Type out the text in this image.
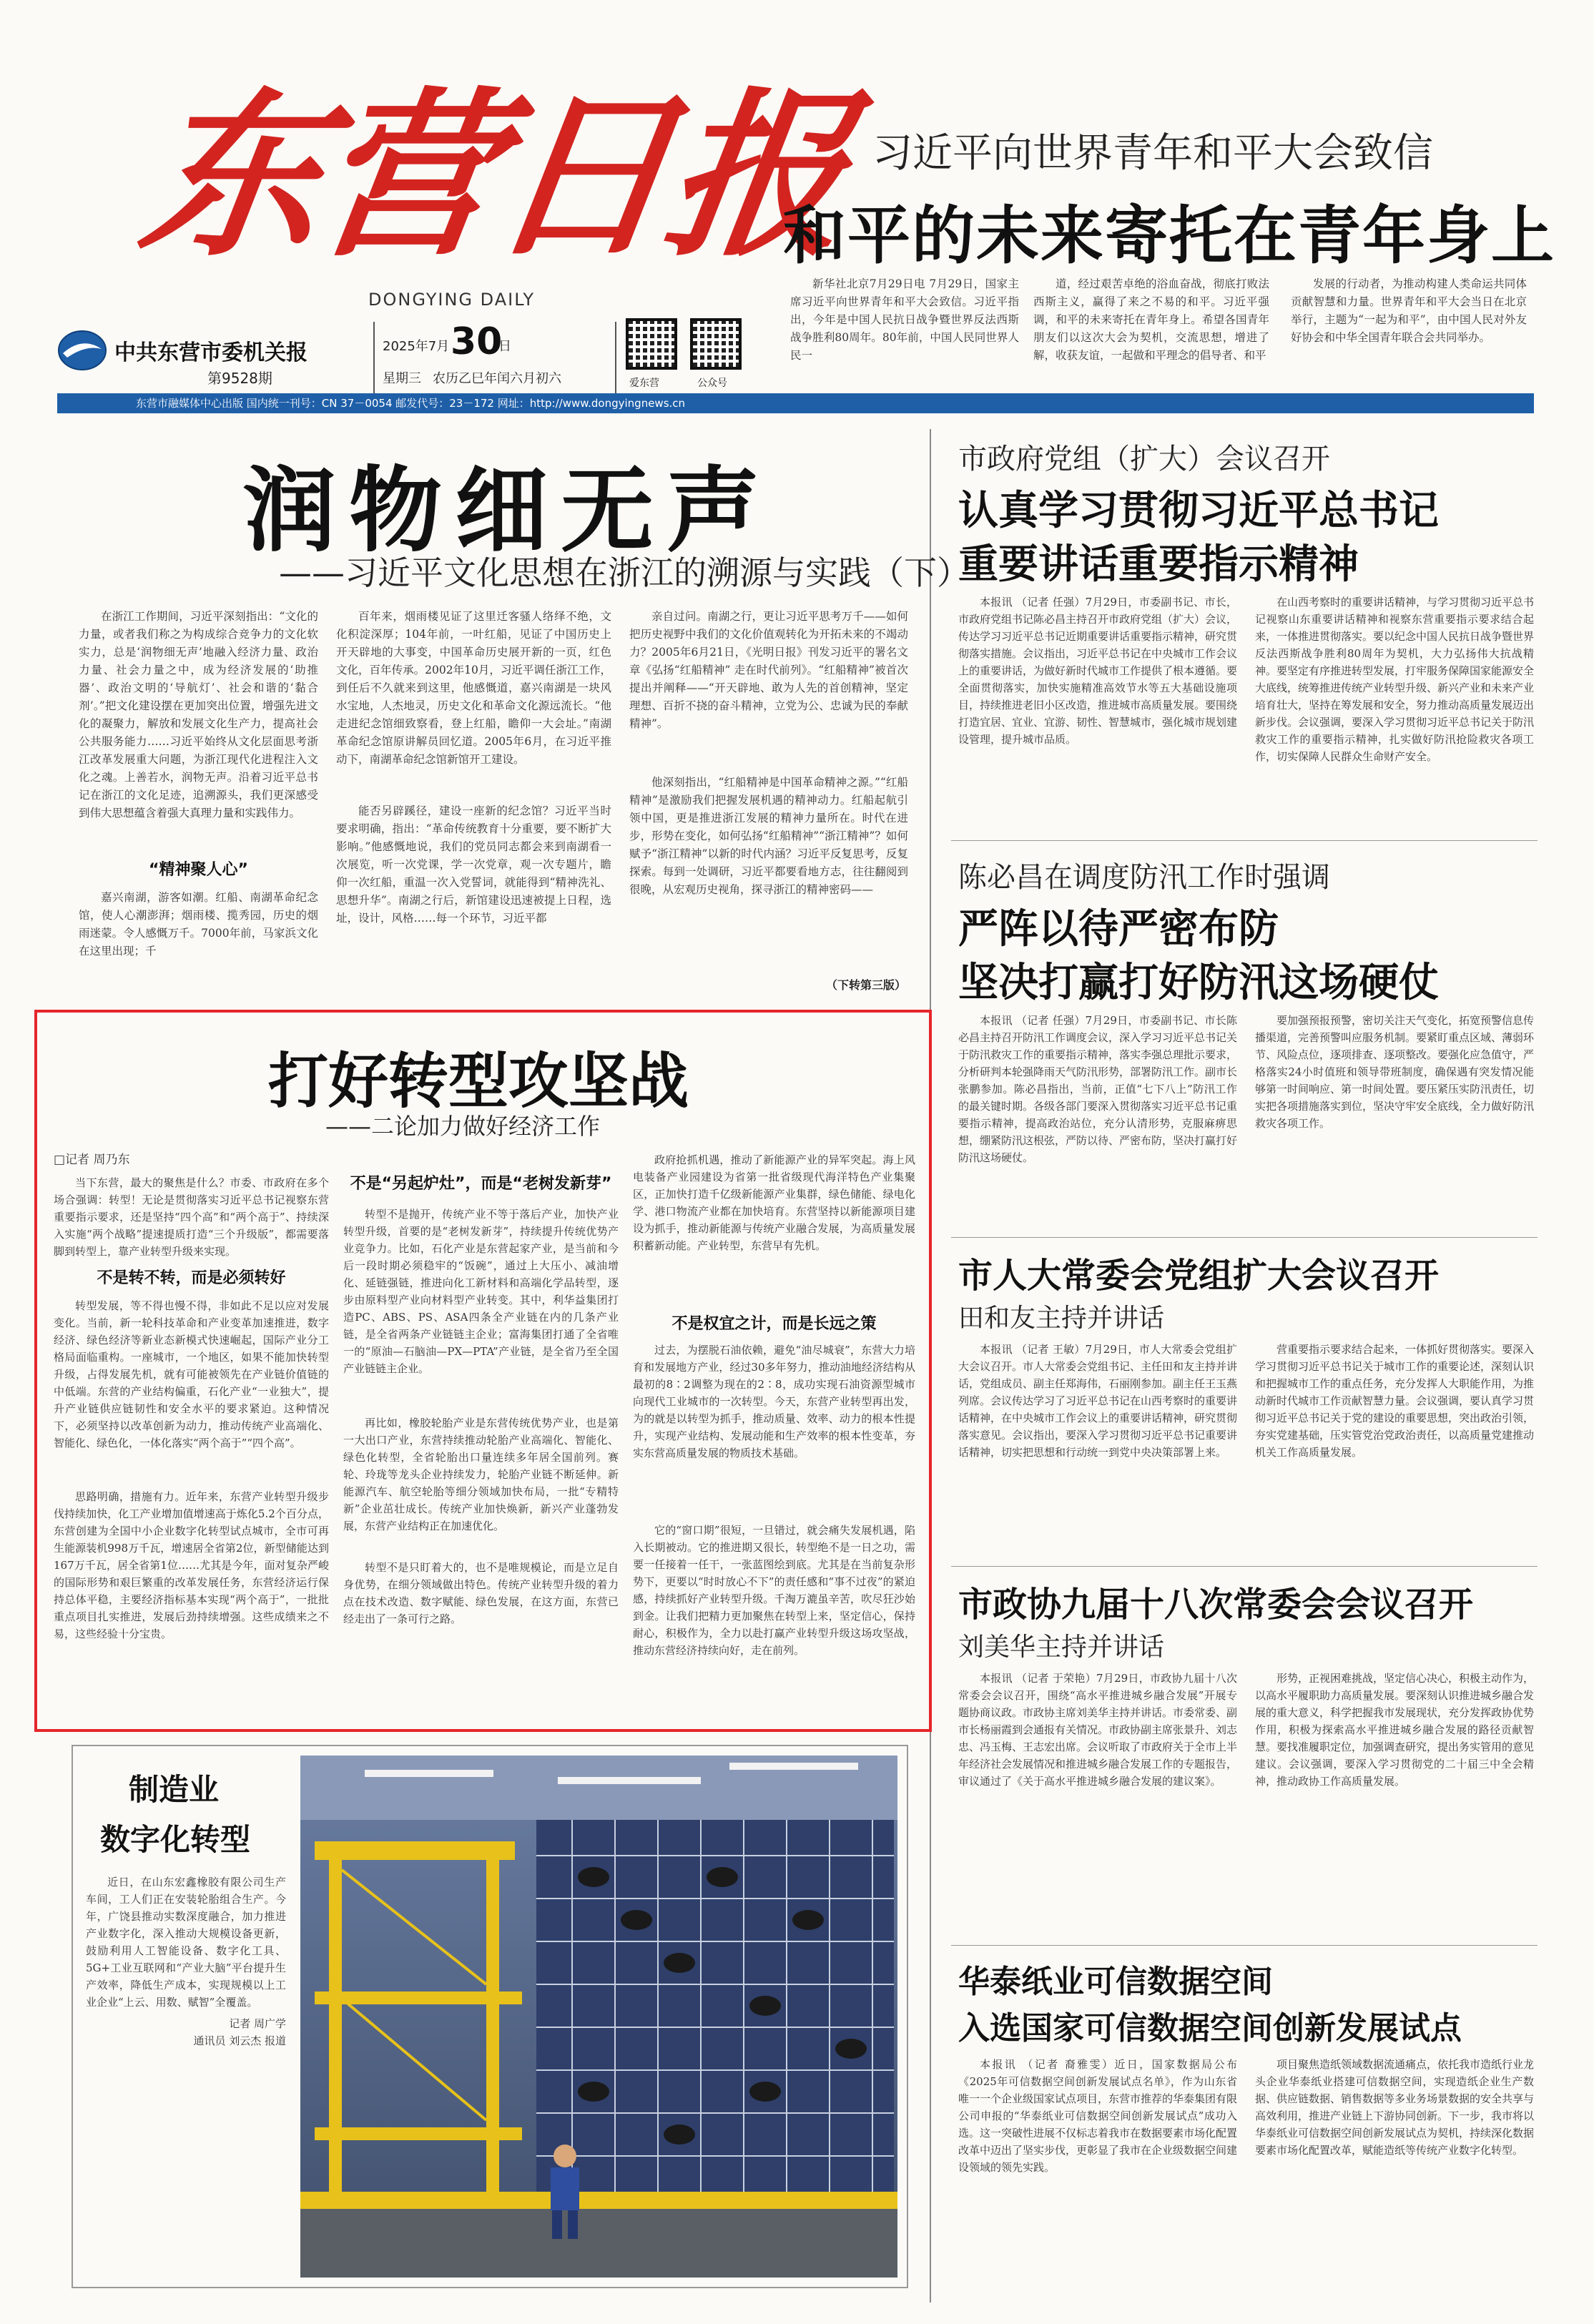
东营日报
DONGYING DAILY
中共东营市委机关报
第9528期
2025年7月 30
日
星期三 农历乙巳年闰六月初六	爱东营	公众号
习近平向世界青年和平大会致信
和平的未来寄托在青年身上

新华社北京7月29日电 7月29日，国家主席习近平向世界青年和平大会致信。习近平指出，今年是中国人民抗日战争暨世界反法西斯战争胜利80周年。80年前，中国人民同世界人民一

道，经过艰苦卓绝的浴血奋战，彻底打败法西斯主义，赢得了来之不易的和平。习近平强调，和平的未来寄托在青年身上。希望各国青年朋友们以这次大会为契机，交流思想，增进了解，收获友谊，一起做和平理念的倡导者、和平

发展的行动者，为推动构建人类命运共同体贡献智慧和力量。世界青年和平大会当日在北京举行，主题为“一起为和平”，由中国人民对外友好协会和中华全国青年联合会共同举办。

东营市融媒体中心出版 国内统一刊号：CN 37－0054 邮发代号：23－172 网址：http://www.dongyingnews.cn
润物细无声
——习近平文化思想在浙江的溯源与实践（下）

在浙江工作期间，习近平深刻指出：“文化的力量，或者我们称之为构成综合竞争力的文化软实力，总是‘润物细无声’地融入经济力量、政治力量、社会力量之中，成为经济发展的‘助推器’、政治文明的‘导航灯’、社会和谐的‘黏合剂’。”把文化建设摆在更加突出位置，增强先进文化的凝聚力，解放和发展文化生产力，提高社会公共服务能力……习近平始终从文化层面思考浙江改革发展重大问题，为浙江现代化进程注入文化之魂。上善若水，润物无声。沿着习近平总书记在浙江的文化足迹，追溯源头，我们更深感受到伟大思想蕴含着强大真理力量和实践伟力。

“精神聚人心”

嘉兴南湖，游客如潮。红船、南湖革命纪念馆，使人心潮澎湃；烟雨楼、揽秀园，历史的烟雨迷蒙。令人感慨万千。7000年前，马家浜文化在这里出现；千

百年来，烟雨楼见证了这里迁客骚人络绎不绝，文化积淀深厚；104年前，一叶红船，见证了中国历史上开天辟地的大事变，中国革命历史展开新的一页，红色文化，百年传承。2002年10月，习近平调任浙江工作，到任后不久就来到这里，他感慨道，嘉兴南湖是一块风水宝地，人杰地灵，历史文化和革命文化源远流长。“他走进纪念馆细致察看，登上红船，瞻仰一大会址。”南湖革命纪念馆原讲解员回忆道。2005年6月，在习近平推动下，南湖革命纪念馆新馆开工建设。

能否另辟蹊径，建设一座新的纪念馆？习近平当时要求明确，指出：“革命传统教育十分重要，要不断扩大影响。”他感慨地说，我们的党员同志都会来到南湖看一次展览，听一次党课，学一次党章，观一次专题片，瞻仰一次红船，重温一次入党誓词，就能得到“精神洗礼、思想升华”。南湖之行后，新馆建设迅速被提上日程，选址，设计，风格……每一个环节，习近平都

亲自过问。南湖之行，更让习近平思考万千——如何把历史视野中我们的文化价值观转化为开拓未来的不竭动力？2005年6月21日，《光明日报》刊发习近平的署名文章《弘扬“红船精神” 走在时代前列》。“红船精神”被首次提出并阐释——“开天辟地、敢为人先的首创精神，坚定理想、百折不挠的奋斗精神，立党为公、忠诚为民的奉献精神”。

他深刻指出，“红船精神是中国革命精神之源。”“红船精神”是激励我们把握发展机遇的精神动力。红船起航引领中国，更是推进浙江发展的精神力量所在。时代在进步，形势在变化，如何弘扬“红船精神”“浙江精神”？如何赋予“浙江精神”以新的时代内涵？习近平反复思考，反复探索。每到一处调研，习近平都要看地方志，往往翻阅到很晚，从宏观历史视角，探寻浙江的精神密码——

（下转第三版）
打好转型攻坚战
——二论加力做好经济工作
□记者 周乃东

当下东营，最大的聚焦是什么？市委、市政府在多个场合强调：转型！无论是贯彻落实习近平总书记视察东营重要指示要求，还是坚持“四个高”和“两个高于”、持续深入实施“两个战略”提速提质打造“三个升级版”，都需要落脚到转型上，靠产业转型升级来实现。

不是转不转，而是必须转好

转型发展，等不得也慢不得，非如此不足以应对发展变化。当前，新一轮科技革命和产业变革加速推进，数字经济、绿色经济等新业态新模式快速崛起，国际产业分工格局面临重构。一座城市，一个地区，如果不能加快转型升级，占得发展先机，就有可能被领先在产业链价值链的中低端。东营的产业结构偏重，石化产业“一业独大”，提升产业链供应链韧性和安全水平的要求紧迫。这种情况下，必须坚持以改革创新为动力，推动传统产业高端化、智能化、绿色化，一体化落实“两个高于”“四个高”。

思路明确，措施有力。近年来，东营产业转型升级步伐持续加快，化工产业增加值增速高于炼化5.2个百分点，东营创建为全国中小企业数字化转型试点城市，全市可再生能源装机998万千瓦，增速居全省第2位，新型储能达到167万千瓦，居全省第1位……尤其是今年，面对复杂严峻的国际形势和艰巨繁重的改革发展任务，东营经济运行保持总体平稳，主要经济指标基本实现“两个高于”，一批批重点项目扎实推进，发展后劲持续增强。这些成绩来之不易，这些经验十分宝贵。

不是“另起炉灶”，而是“老树发新芽”

转型不是抛开，传统产业不等于落后产业，加快产业转型升级，首要的是“老树发新芽”，持续提升传统优势产业竞争力。比如，石化产业是东营起家产业，是当前和今后一段时期必须稳牢的“饭碗”，通过上大压小、减油增化、延链强链，推进向化工新材料和高端化学品转型，逐步由原料型产业向材料型产业转变。其中，利华益集团打造PC、ABS、PS、ASA四条全产业链在内的几条产业链，是全省两条产业链链主企业；富海集团打通了全省唯一的“原油—石脑油—PX—PTA”产业链，是全省乃至全国产业链链主企业。

再比如，橡胶轮胎产业是东营传统优势产业，也是第一大出口产业，东营持续推动轮胎产业高端化、智能化、绿色化转型，全省轮胎出口量连续多年居全国前列。赛轮、玲珑等龙头企业持续发力，轮胎产业链不断延伸。新能源汽车、航空轮胎等细分领域加快布局，一批“专精特新”企业茁壮成长。传统产业加快焕新，新兴产业蓬勃发展，东营产业结构正在加速优化。

转型不是只盯着大的，也不是唯规模论，而是立足自身优势，在细分领域做出特色。传统产业转型升级的着力点在技术改造、数字赋能、绿色发展，在这方面，东营已经走出了一条可行之路。

政府抢抓机遇，推动了新能源产业的异军突起。海上风电装备产业园建设为省第一批省级现代海洋特色产业集聚区，正加快打造千亿级新能源产业集群，绿色储能、绿电化学、港口物流产业都在加快培育。东营坚持以新能源项目建设为抓手，推动新能源与传统产业融合发展，为高质量发展积蓄新动能。产业转型，东营早有先机。

不是权宜之计，而是长远之策

过去，为摆脱石油依赖，避免“油尽城衰”，东营大力培育和发展地方产业，经过30多年努力，推动油地经济结构从最初的8∶2调整为现在的2∶8，成功实现石油资源型城市向现代工业城市的一次转型。今天，东营产业转型再出发，为的就是以转型为抓手，推动质量、效率、动力的根本性提升，实现产业结构、发展动能和生产效率的根本性变革，夯实东营高质量发展的物质技术基础。

它的“窗口期”很短，一旦错过，就会痛失发展机遇，陷入长期被动。它的推进期又很长，转型绝不是一日之功，需要一任接着一任干，一张蓝图绘到底。尤其是在当前复杂形势下，更要以“时时放心不下”的责任感和“事不过夜”的紧迫感，持续抓好产业转型升级。千淘万漉虽辛苦，吹尽狂沙始到金。让我们把精力更加聚焦在转型上来，坚定信心，保持耐心，积极作为，全力以赴打赢产业转型升级这场攻坚战，推动东营经济持续向好，走在前列。

制造业
数字化转型

近日，在山东宏鑫橡胶有限公司生产车间，工人们正在安装轮胎组合生产。今年，广饶县推动实数深度融合，加力推进产业数字化，深入推动大规模设备更新，鼓励利用人工智能设备、数字化工具、5G+工业互联网和“产业大脑”平台提升生产效率，降低生产成本，实现规模以上工业企业“上云、用数、赋智”全覆盖。

记者 周广学
通讯员 刘云杰 报道
市政府党组（扩大）会议召开
认真学习贯彻习近平总书记
重要讲话重要指示精神

本报讯 （记者 任强）7月29日，市委副书记、市长，市政府党组书记陈必昌主持召开市政府党组（扩大）会议，传达学习习近平总书记近期重要讲话重要指示精神，研究贯彻落实措施。会议指出，习近平总书记在中央城市工作会议上的重要讲话，为做好新时代城市工作提供了根本遵循。要全面贯彻落实，加快实施精准高效节水等五大基础设施项目，持续推进老旧小区改造，推进城市高质量发展。要围绕打造宜居、宜业、宜游、韧性、智慧城市，强化城市规划建设管理，提升城市品质。

在山西考察时的重要讲话精神，与学习贯彻习近平总书记视察山东重要讲话精神和视察东营重要指示要求结合起来，一体推进贯彻落实。要以纪念中国人民抗日战争暨世界反法西斯战争胜利80周年为契机，大力弘扬伟大抗战精神。要坚定有序推进转型发展，打牢服务保障国家能源安全大底线，统筹推进传统产业转型升级、新兴产业和未来产业培育壮大，坚持在筹发展和安全，努力推动高质量发展迈出新步伐。会议强调，要深入学习贯彻习近平总书记关于防汛救灾工作的重要指示精神，扎实做好防汛抢险救灾各项工作，切实保障人民群众生命财产安全。

陈必昌在调度防汛工作时强调
严阵以待严密布防
坚决打赢打好防汛这场硬仗

本报讯 （记者 任强）7月29日，市委副书记、市长陈必昌主持召开防汛工作调度会议，深入学习习近平总书记关于防汛救灾工作的重要指示精神，落实李强总理批示要求，分析研判本轮强降雨天气防汛形势，部署防汛工作。副市长张鹏参加。陈必昌指出，当前，正值“七下八上”防汛工作的最关键时期。各级各部门要深入贯彻落实习近平总书记重要指示精神，提高政治站位，充分认清形势，克服麻痹思想，绷紧防汛这根弦，严防以待、严密布防，坚决打赢打好防汛这场硬仗。

要加强预报预警，密切关注天气变化，拓宽预警信息传播渠道，完善预警叫应服务机制。要紧盯重点区域、薄弱环节、风险点位，逐项排查、逐项整改。要强化应急值守，严格落实24小时值班和领导带班制度，确保遇有突发情况能够第一时间响应、第一时间处置。要压紧压实防汛责任，切实把各项措施落实到位，坚决守牢安全底线，全力做好防汛救灾各项工作。

市人大常委会党组扩大会议召开
田和友主持并讲话

本报讯 （记者 王敏）7月29日，市人大常委会党组扩大会议召开。市人大常委会党组书记、主任田和友主持并讲话，党组成员、副主任郑海伟，石丽刚参加。副主任王玉燕列席。会议传达学习了习近平总书记在山西考察时的重要讲话精神，在中央城市工作会议上的重要讲话精神，研究贯彻落实意见。会议指出，要深入学习贯彻习近平总书记重要讲话精神，切实把思想和行动统一到党中央决策部署上来。

营重要指示要求结合起来，一体抓好贯彻落实。要深入学习贯彻习近平总书记关于城市工作的重要论述，深刻认识和把握城市工作的重点任务，充分发挥人大职能作用，为推动新时代城市工作贡献智慧力量。会议强调，要认真学习贯彻习近平总书记关于党的建设的重要思想，突出政治引领，夯实党建基础，压实管党治党政治责任，以高质量党建推动机关工作高质量发展。

市政协九届十八次常委会会议召开
刘美华主持并讲话

本报讯 （记者 于荣艳）7月29日，市政协九届十八次常委会会议召开，围绕“高水平推进城乡融合发展”开展专题协商议政。市政协主席刘美华主持并讲话。市委常委、副市长杨丽霞到会通报有关情况。市政协副主席张景升、刘志忠、冯玉梅、王志宏出席。会议听取了市政府关于全市上半年经济社会发展情况和推进城乡融合发展工作的专题报告，审议通过了《关于高水平推进城乡融合发展的建议案》。

形势，正视困难挑战，坚定信心决心，积极主动作为，以高水平履职助力高质量发展。要深刻认识推进城乡融合发展的重大意义，科学把握我市发展现状，充分发挥政协优势作用，积极为探索高水平推进城乡融合发展的路径贡献智慧。要找准履职定位，加强调查研究，提出务实管用的意见建议。会议强调，要深入学习贯彻党的二十届三中全会精神，推动政协工作高质量发展。

华泰纸业可信数据空间
入选国家可信数据空间创新发展试点

本报讯 （记者 裔雅雯）近日，国家数据局公布《2025年可信数据空间创新发展试点名单》，作为山东省唯一一个企业级国家试点项目，东营市推荐的华泰集团有限公司申报的“华泰纸业可信数据空间创新发展试点”成功入选。这一突破性进展不仅标志着我市在数据要素市场化配置改革中迈出了坚实步伐，更彰显了我市在企业级数据空间建设领域的领先实践。

项目聚焦造纸领域数据流通痛点，依托我市造纸行业龙头企业华泰纸业搭建可信数据空间，实现造纸企业生产数据、供应链数据、销售数据等多业务场景数据的安全共享与高效利用，推进产业链上下游协同创新。下一步，我市将以华泰纸业可信数据空间创新发展试点为契机，持续深化数据要素市场化配置改革，赋能造纸等传统产业数字化转型。
